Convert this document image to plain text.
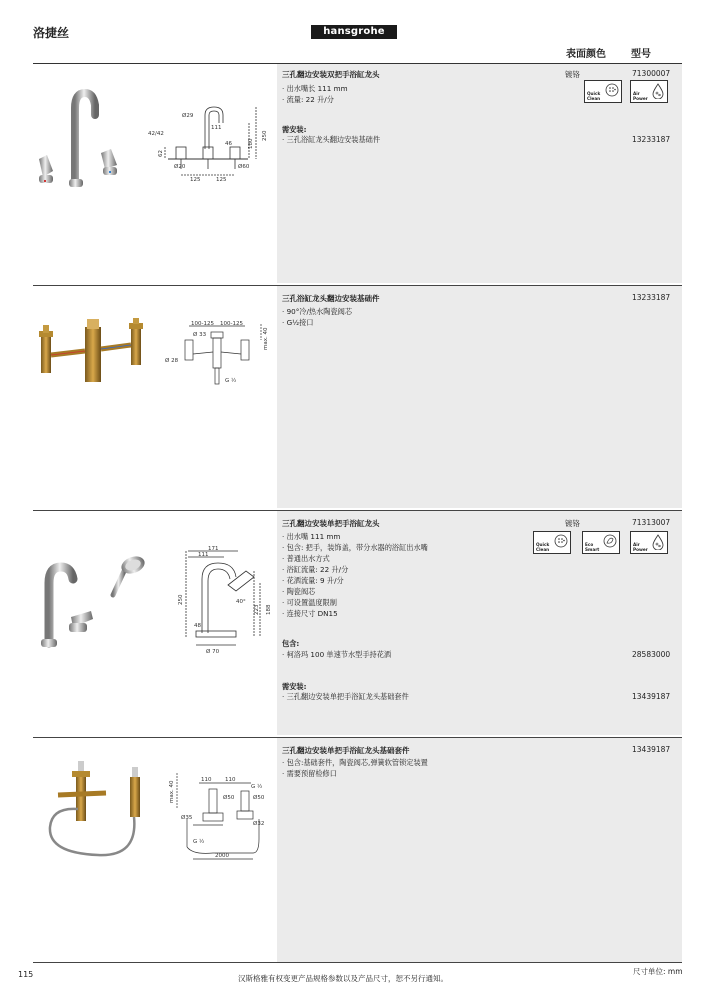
洛捷丝	hansgrohe
表面颜色	型号
三孔翻边安装双把手浴缸龙头
· 出水嘴长 111 mm
· 流量: 22 升/分
镀铬	71300007
Quick
Clean
Air
Power
需安装:
· 三孔浴缸龙头翻边安装基础件	13233187
Ø29
111
42/42
Ø60
Ø20
125	125
250
180
62
46
三孔浴缸龙头翻边安装基础件
· 90°冷/热水陶瓷阀芯
· G½接口
13233187
100-125 100-125
max. 40
Ø 28
Ø 33
G ½
三孔翻边安装单把手浴缸龙头
· 出水嘴 111 mm
· 包含: 把手，装饰盖，带分水器的浴缸出水嘴
· 普通出水方式
· 浴缸流量: 22 升/分
· 花洒流量: 9 升/分
· 陶瓷阀芯
· 可设置温度限制
· 连接尺寸 DN15
镀铬	71313007
Quick
Clean
Eco
Smart
Air
Power
包含:
· 柯洛玛 100 单速节水型手持花洒	28583000
需安装:
· 三孔翻边安装单把手浴缸龙头基础套件	13439187
171
111
250
223 188
40°
48
Ø 70
三孔翻边安装单把手浴缸龙头基础套件
· 包含:基础套件，陶瓷阀芯,弹簧软管锁定装置
· 需要预留检修口
13439187
max. 40
110 110
G ½
Ø50	Ø50
Ø35
Ø32
G ½
2000
115	汉斯格雅有权变更产品规格参数以及产品尺寸，恕不另行通知。
尺寸单位: mm
